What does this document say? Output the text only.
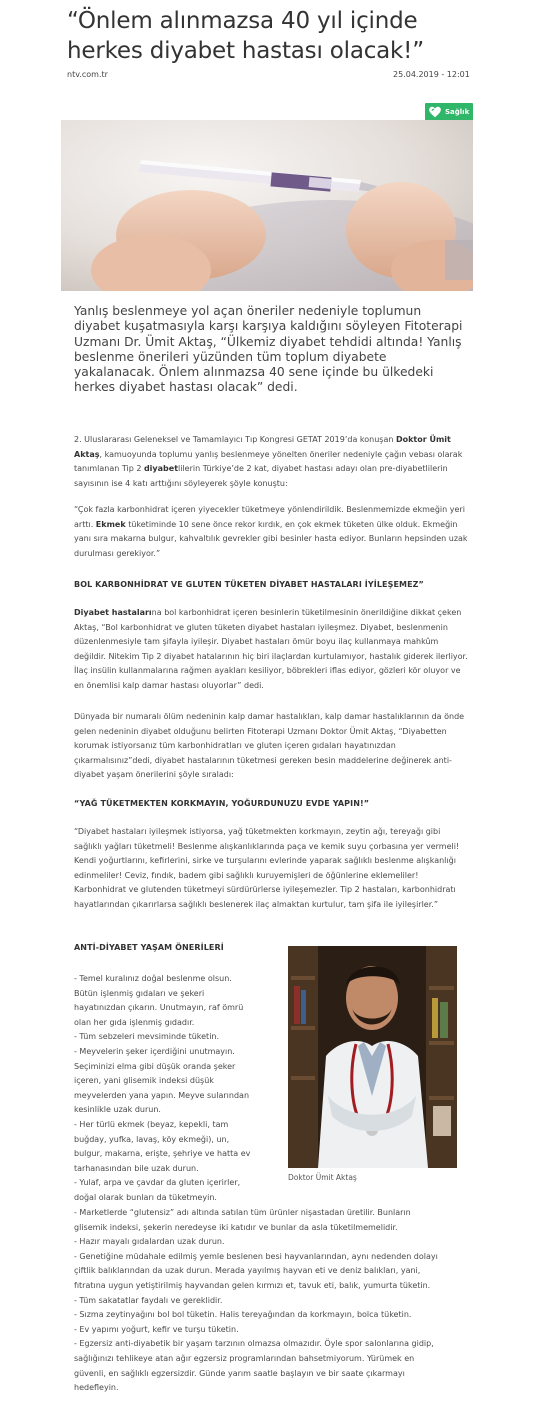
“Önlem alınmazsa 40 yıl içinde herkes diyabet hastası olacak!”
ntv.com.tr	25.04.2019 - 12:01
Sağlık

Yanlış beslenmeye yol açan öneriler nedeniyle toplumun diyabet kuşatmasıyla karşı karşıya kaldığını söyleyen Fitoterapi Uzmanı Dr. Ümit Aktaş, “Ülkemiz diyabet tehdidi altında! Yanlış beslenme önerileri yüzünden tüm toplum diyabete yakalanacak. Önlem alınmazsa 40 sene içinde bu ülkedeki herkes diyabet hastası olacak” dedi.

2. Uluslararası Geleneksel ve Tamamlayıcı Tıp Kongresi GETAT 2019’da konuşan Doktor Ümit Aktaş, kamuoyunda toplumu yanlış beslenmeye yönelten öneriler nedeniyle çağın vebası olarak tanımlanan Tip 2 diyabetlilerin Türkiye’de 2 kat, diyabet hastası adayı olan pre-diyabetlilerin sayısının ise 4 katı arttığını söyleyerek şöyle konuştu:

“Çok fazla karbonhidrat içeren yiyecekler tüketmeye yönlendirildik. Beslenmemizde ekmeğin yeri arttı. Ekmek tüketiminde 10 sene önce rekor kırdık, en çok ekmek tüketen ülke olduk. Ekmeğin yanı sıra makarna bulgur, kahvaltılık gevrekler gibi besinler hasta ediyor. Bunların hepsinden uzak durulması gerekiyor.”

BOL KARBONHİDRAT VE GLUTEN TÜKETEN DİYABET HASTALARI İYİLEŞEMEZ”

Diyabet hastalarına bol karbonhidrat içeren besinlerin tüketilmesinin önerildiğine dikkat çeken Aktaş, “Bol karbonhidrat ve gluten tüketen diyabet hastaları iyileşmez. Diyabet, beslenmenin düzenlenmesiyle tam şifayla iyileşir. Diyabet hastaları ömür boyu ilaç kullanmaya mahkûm değildir. Nitekim Tip 2 diyabet hatalarının hiç biri ilaçlardan kurtulamıyor, hastalık giderek ilerliyor. İlaç insülin kullanmalarına rağmen ayakları kesiliyor, böbrekleri iflas ediyor, gözleri kör oluyor ve en önemlisi kalp damar hastası oluyorlar” dedi.

Dünyada bir numaralı ölüm nedeninin kalp damar hastalıkları, kalp damar hastalıklarının da önde gelen nedeninin diyabet olduğunu belirten Fitoterapi Uzmanı Doktor Ümit Aktaş, “Diyabetten korumak istiyorsanız tüm karbonhidratları ve gluten içeren gıdaları hayatınızdan çıkarmalısınız”dedi, diyabet hastalarının tüketmesi gereken besin maddelerine değinerek anti-diyabet yaşam önerilerini şöyle sıraladı:

“YAĞ TÜKETMEKTEN KORKMAYIN, YOĞURDUNUZU EVDE YAPIN!”

“Diyabet hastaları iyileşmek istiyorsa, yağ tüketmekten korkmayın, zeytin ağı, tereyağı gibi sağlıklı yağları tüketmeli! Beslenme alışkanlıklarında paça ve kemik suyu çorbasına yer vermeli! Kendi yoğurtlarını, kefirlerini, sirke ve turşularını evlerinde yaparak sağlıklı beslenme alışkanlığı edinmeliler! Ceviz, fındık, badem gibi sağlıklı kuruyemişleri de öğünlerine eklemeliler! Karbonhidrat ve glutenden tüketmeyi sürdürürlerse iyileşemezler. Tip 2 hastaları, karbonhidratı hayatlarından çıkarırlarsa sağlıklı beslenerek ilaç almaktan kurtulur, tam şifa ile iyileşirler.”

ANTİ-DİYABET YAŞAM ÖNERİLERİ
- Temel kuralınız doğal beslenme olsun.
Bütün işlenmiş gıdaları ve şekeri
hayatınızdan çıkarın. Unutmayın, raf ömrü
olan her gıda işlenmiş gıdadır.
- Tüm sebzeleri mevsiminde tüketin.
- Meyvelerin şeker içerdiğini unutmayın.
Seçiminizi elma gibi düşük oranda şeker
içeren, yani glisemik indeksi düşük
meyvelerden yana yapın. Meyve sularından
kesinlikle uzak durun.
- Her türlü ekmek (beyaz, kepekli, tam
buğday, yufka, lavaş, köy ekmeği), un,
bulgur, makarna, erişte, şehriye ve hatta ev
tarhanasından bile uzak durun.
- Yulaf, arpa ve çavdar da gluten içerirler,
doğal olarak bunları da tüketmeyin.
Doktor Ümit Aktaş
- Marketlerde “glutensiz” adı altında satılan tüm ürünler nişastadan üretilir. Bunların
glisemik indeksi, şekerin neredeyse iki katıdır ve bunlar da asla tüketilmemelidir.
- Hazır mayalı gıdalardan uzak durun.
- Genetiğine müdahale edilmiş yemle beslenen besi hayvanlarından, aynı nedenden dolayı
çiftlik balıklarından da uzak durun. Merada yayılmış hayvan eti ve deniz balıkları, yani,
fıtratına uygun yetiştirilmiş hayvandan gelen kırmızı et, tavuk eti, balık, yumurta tüketin.
- Tüm sakatatlar faydalı ve gereklidir.
- Sızma zeytinyağını bol bol tüketin. Halis tereyağından da korkmayın, bolca tüketin.
- Ev yapımı yoğurt, kefir ve turşu tüketin.
- Egzersiz anti-diyabetik bir yaşam tarzının olmazsa olmazıdır. Öyle spor salonlarına gidip,
sağlığınızı tehlikeye atan ağır egzersiz programlarından bahsetmiyorum. Yürümek en
güvenli, en sağlıklı egzersizdir. Günde yarım saatle başlayın ve bir saate çıkarmayı
hedefleyin.
